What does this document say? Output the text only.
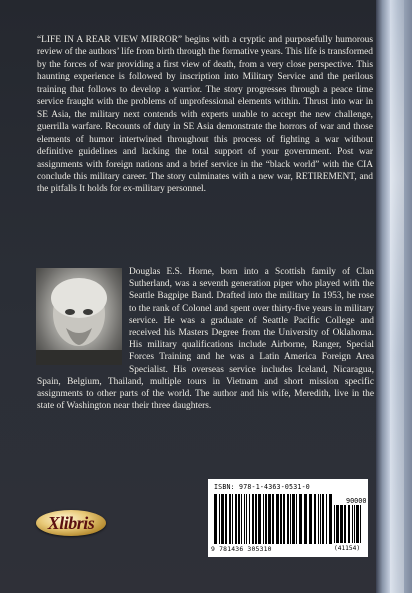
“LIFE IN A REAR VIEW MIRROR” begins with a cryptic and purposefully humorous review of the authors’ life from birth through the formative years. This life is transformed by the forces of war providing a first view of death, from a very close perspective. This haunting experience is followed by inscription into Military Service and the perilous training that follows to develop a warrior. The story progresses through a peace time service fraught with the problems of unprofessional elements within. Thrust into war in SE Asia, the military next contends with experts unable to accept the new challenge, guerrilla warfare. Recounts of duty in SE Asia demonstrate the horrors of war and those elements of humor intertwined throughout this process of fighting a war without definitive guidelines and lacking the total support of your government. Post war assignments with foreign nations and a brief service in the “black world” with the CIA conclude this military career. The story culminates with a new war, RETIREMENT, and the pitfalls It holds for ex-military personnel.

Douglas E.S. Horne, born into a Scottish family of Clan Sutherland, was a seventh generation piper who played with the Seattle Bagpipe Band. Drafted into the military In 1953, he rose to the rank of Colonel and spent over thirty-five years in military service. He was a graduate of Seattle Pacific College and received his Masters Degree from the University of Oklahoma. His military qualifications include Airborne, Ranger, Special Forces Training and he was a Latin America Foreign Area Specialist. His overseas service includes Iceland, Nicaragua, Spain, Belgium, Thailand, multiple tours in Vietnam and short mission specific assignments to other parts of the world. The author and his wife, Meredith, live in the state of Washington near their three daughters.
Xlibris
ISBN: 978-1-4363-0531-0
90000
9 781436 305310	(41154)
